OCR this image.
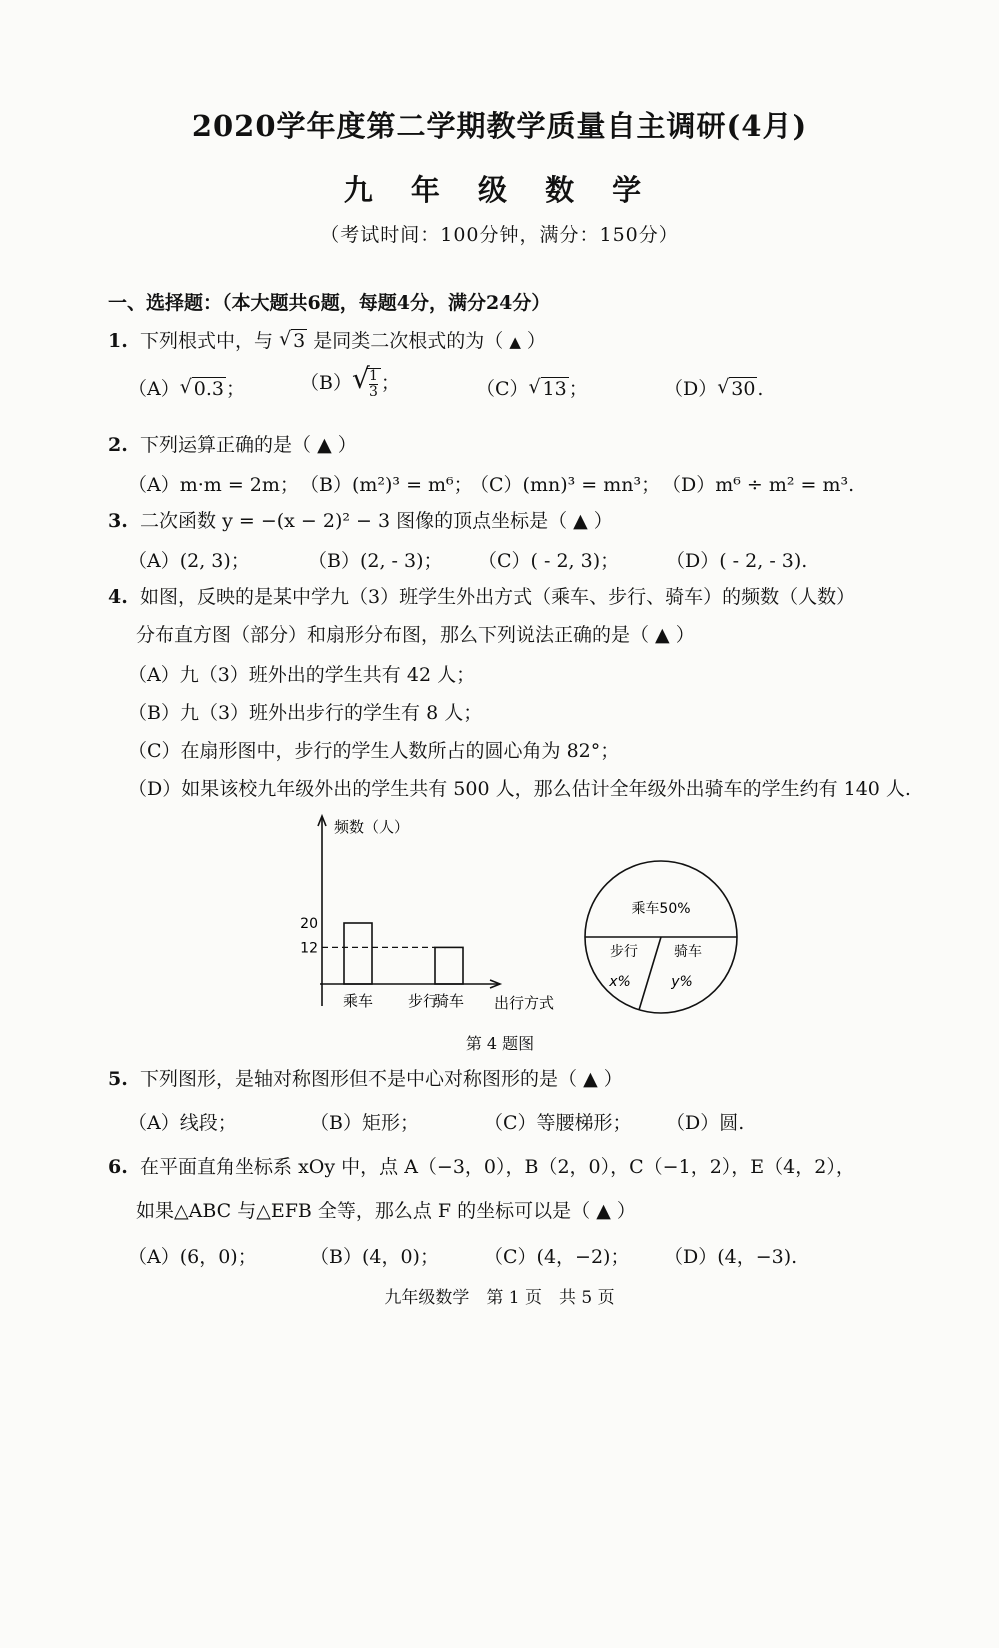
2020学年度第二学期教学质量自主调研(4月)
九 年 级 数 学
（考试时间：100分钟，满分：150分）
一、选择题：（本大题共6题，每题4分，满分24分）
1. 下列根式中，与 √ 3 是同类二次根式的为（ ▲ ）
（A） √ 0.3 ；	（B） √
$\frac{1}{3}$；	（C） √ 13 ；	（D） √ 30 .
2. 下列运算正确的是（ ▲ ）
（A）m·m = 2m； （B）(m²)³ = m⁶；
（C）(mn)³ = mn³； （D）m⁶ ÷ m² = m³.
3. 二次函数 y = −(x − 2)² − 3 图像的顶点坐标是（ ▲ ）
（A）(2, 3)；	（B）(2, - 3)； （C）( - 2, 3)； （D）( - 2, - 3).
4. 如图，反映的是某中学九（3）班学生外出方式（乘车、步行、骑车）的频数（人数）
分布直方图（部分）和扇形分布图，那么下列说法正确的是（ ▲ ）
（A）九（3）班外出的学生共有 42 人；
（B）九（3）班外出步行的学生有 8 人；
（C）在扇形图中，步行的学生人数所占的圆心角为 82°；
（D）如果该校九年级外出的学生共有 500 人，那么估计全年级外出骑车的学生约有 140 人.
频数（人）
出行方式
12
20
乘车 步行
骑车
乘车50%
步行
x%
骑车
y%
第 4 题图
5. 下列图形，是轴对称图形但不是中心对称图形的是（ ▲ ）
（A）线段；	（B）矩形；	（C）等腰梯形； （D）圆.
6. 在平面直角坐标系 xOy 中，点 A（−3，0），B（2，0），C（−1，2），E（4，2），
如果△ABC 与△EFB 全等，那么点 F 的坐标可以是（ ▲ ）
（A）(6，0)；	（B）(4，0)； （C）(4，−2)； （D）(4，−3).
九年级数学　第 1 页　共 5 页
